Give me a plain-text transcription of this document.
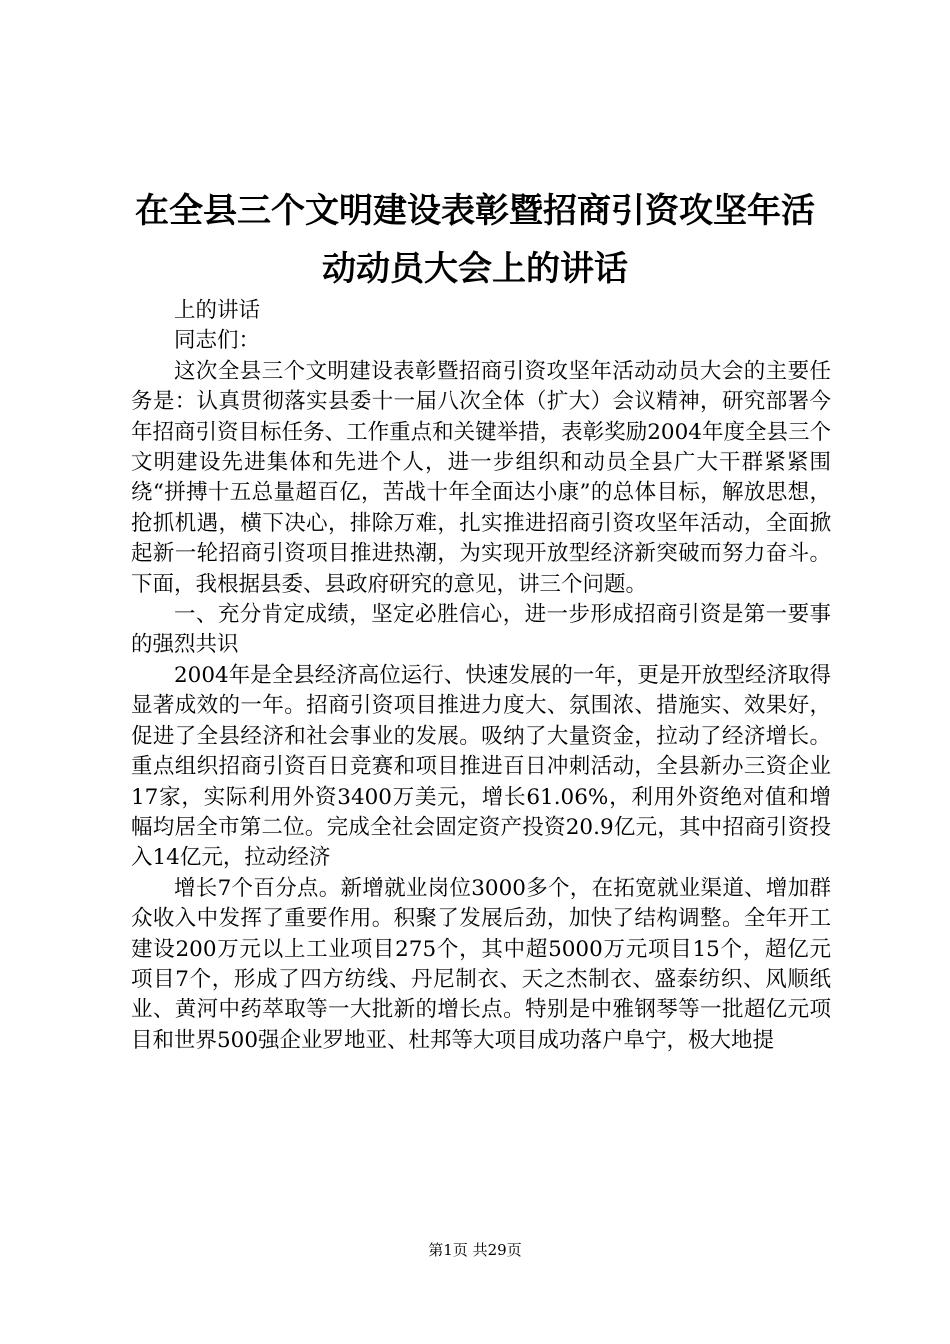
在全县三个文明建设表彰暨招商引资攻坚年活
动动员大会上的讲话

上的讲话

同志们：

这次全县三个文明建设表彰暨招商引资攻坚年活动动员大会的主要任务是：认真贯彻落实县委十一届八次全体（扩大）会议精神，研究部署今年招商引资目标任务、工作重点和关键举措，表彰奖励2004年度全县三个文明建设先进集体和先进个人，进一步组织和动员全县广大干群紧紧围绕“拼搏十五总量超百亿，苦战十年全面达小康”的总体目标，解放思想，抢抓机遇，横下决心，排除万难，扎实推进招商引资攻坚年活动，全面掀起新一轮招商引资项目推进热潮，为实现开放型经济新突破而努力奋斗。下面，我根据县委、县政府研究的意见，讲三个问题。

一、充分肯定成绩，坚定必胜信心，进一步形成招商引资是第一要事的强烈共识

2004年是全县经济高位运行、快速发展的一年，更是开放型经济取得显著成效的一年。招商引资项目推进力度大、氛围浓、措施实、效果好，促进了全县经济和社会事业的发展。吸纳了大量资金，拉动了经济增长。重点组织招商引资百日竞赛和项目推进百日冲刺活动，全县新办三资企业17家，实际利用外资3400万美元，增长61.06%，利用外资绝对值和增幅均居全市第二位。完成全社会固定资产投资20.9亿元，其中招商引资投入14亿元，拉动经济

增长7个百分点。新增就业岗位3000多个，在拓宽就业渠道、增加群众收入中发挥了重要作用。积聚了发展后劲，加快了结构调整。全年开工建设200万元以上工业项目275个，其中超5000万元项目15个，超亿元项目7个，形成了四方纺线、丹尼制衣、天之杰制衣、盛泰纺织、风顺纸业、黄河中药萃取等一大批新的增长点。特别是中雅钢琴等一批超亿元项目和世界500强企业罗地亚、杜邦等大项目成功落户阜宁，极大地提

第1页 共29页
